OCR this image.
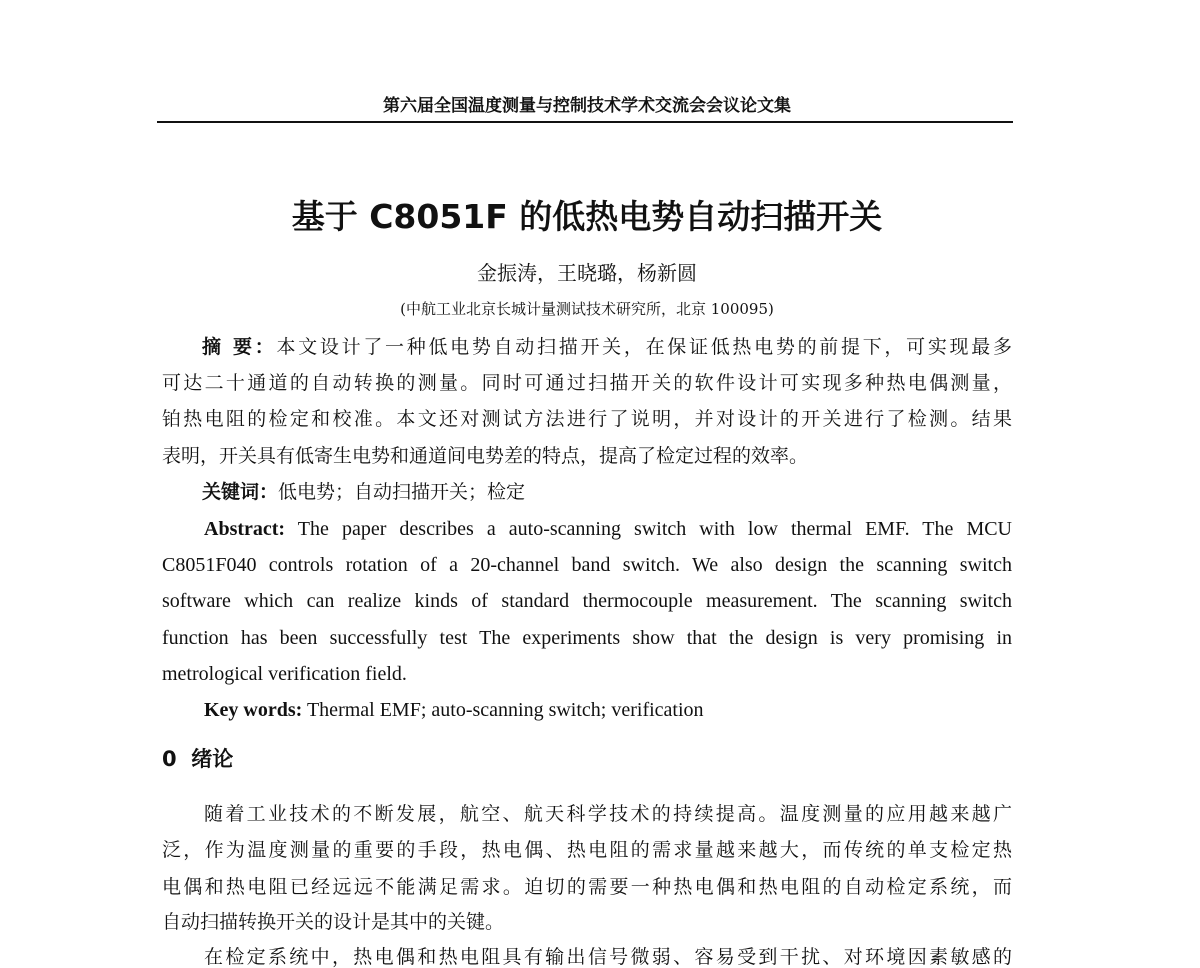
第六届全国温度测量与控制技术学术交流会会议论文集
基于 C8051F 的低热电势自动扫描开关
金振涛，王晓璐，杨新圆
(中航工业北京长城计量测试技术研究所，北京 100095)
摘 要：本文设计了一种低电势自动扫描开关，在保证低热电势的前提下，可实现最多
可达二十通道的自动转换的测量。同时可通过扫描开关的软件设计可实现多种热电偶测量，
铂热电阻的检定和校准。本文还对测试方法进行了说明，并对设计的开关进行了检测。结果
表明，开关具有低寄生电势和通道间电势差的特点，提高了检定过程的效率。
关键词：低电势；自动扫描开关；检定
Abstract: The paper describes a auto-scanning switch with low thermal EMF. The MCU
C8051F040 controls rotation of a 20-channel band switch. We also design the scanning switch
software which can realize kinds of standard thermocouple measurement. The scanning switch
function has been successfully test The experiments show that the design is very promising in
metrological verification field.
Key words: Thermal EMF; auto-scanning switch; verification
0 绪论
随着工业技术的不断发展，航空、航天科学技术的持续提高。温度测量的应用越来越广
泛，作为温度测量的重要的手段，热电偶、热电阻的需求量越来越大，而传统的单支检定热
电偶和热电阻已经远远不能满足需求。迫切的需要一种热电偶和热电阻的自动检定系统，而
自动扫描转换开关的设计是其中的关键。
在检定系统中，热电偶和热电阻具有输出信号微弱、容易受到干扰、对环境因素敏感的
